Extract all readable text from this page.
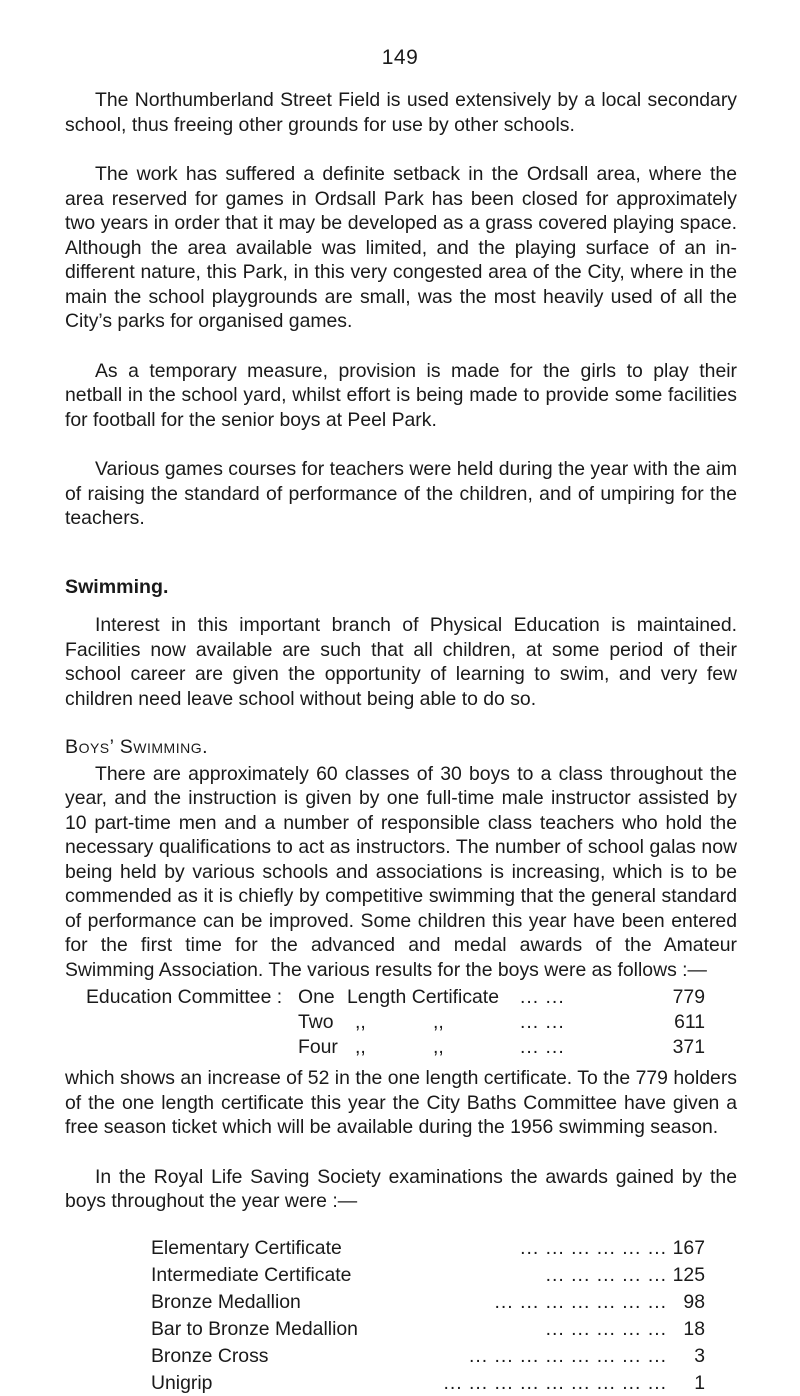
149

The Northumberland Street Field is used extensively by a local secondary school, thus freeing other grounds for use by other schools.

The work has suffered a definite setback in the Ordsall area, where the area reserved for games in Ordsall Park has been closed for approximately two years in order that it may be developed as a grass covered playing space. Although the area available was limited, and the playing surface of an in-different nature, this Park, in this very congested area of the City, where in the main the school playgrounds are small, was the most heavily used of all the City’s parks for organised games.

As a temporary measure, provision is made for the girls to play their netball in the school yard, whilst effort is being made to provide some facilities for football for the senior boys at Peel Park.

Various games courses for teachers were held during the year with the aim of raising the standard of performance of the children, and of umpiring for the teachers.

Swimming.

Interest in this important branch of Physical Education is maintained. Facilities now available are such that all children, at some period of their school career are given the opportunity of learning to swim, and very few children need leave school without being able to do so.

Boys’ Swimming.

There are approximately 60 classes of 30 boys to a class throughout the year, and the instruction is given by one full-time male instructor assisted by 10 part-time men and a number of responsible class teachers who hold the necessary qualifications to act as instructors. The number of school galas now being held by various schools and associations is increasing, which is to be commended as it is chiefly by competitive swimming that the general standard of performance can be improved. Some children this year have been entered for the first time for the advanced and medal awards of the Amateur Swimming Association. The various results for the boys were as follows :—

Education Committee : One Length Certificate ... ...	779
Two ,,	,,	... ...	611
Four ,,	,,	... ...	371

which shows an increase of 52 in the one length certificate. To the 779 holders of the one length certificate this year the City Baths Committee have given a free season ticket which will be available during the 1956 swimming season.

In the Royal Life Saving Society examinations the awards gained by the boys throughout the year were :—

Elementary Certificate	... ... ... ... ... ... 167
Intermediate Certificate	... ... ... ... ... 125
Bronze Medallion	... ... ... ... ... ... ... 98
Bar to Bronze Medallion	... ... ... ... ... 18
Bronze Cross	... ... ... ... ... ... ... ... 3
Unigrip	... ... ... ... ... ... ... ... ... 1
